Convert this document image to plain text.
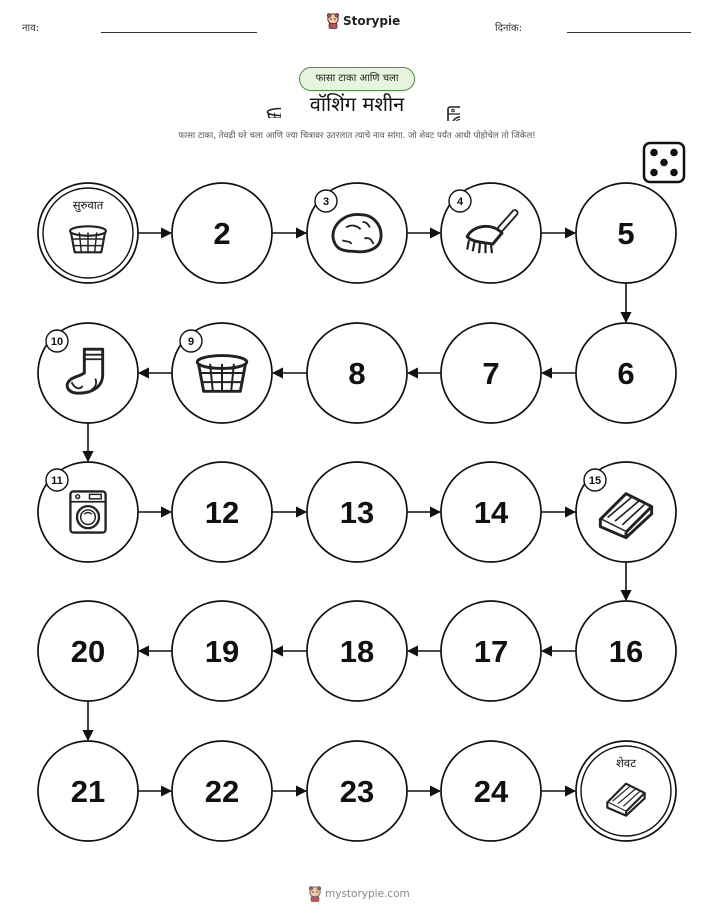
नाव:
Storypie
दिनांक:
फासा टाका आणि चला
वॉशिंग मशीन
फासा टाका, तेवढी घरे चला आणि ज्या चित्रावर उतरलात त्याचे नाव सांगा. जो शेवट पर्यंत आधी पोहोचेल तो जिंकेल!
सुरुवात
2
3	4
5
6
7
8
9
10
11
12	13	14
15
16
17
18
19
20
21	22	23	24
शेवट
mystorypie.com
